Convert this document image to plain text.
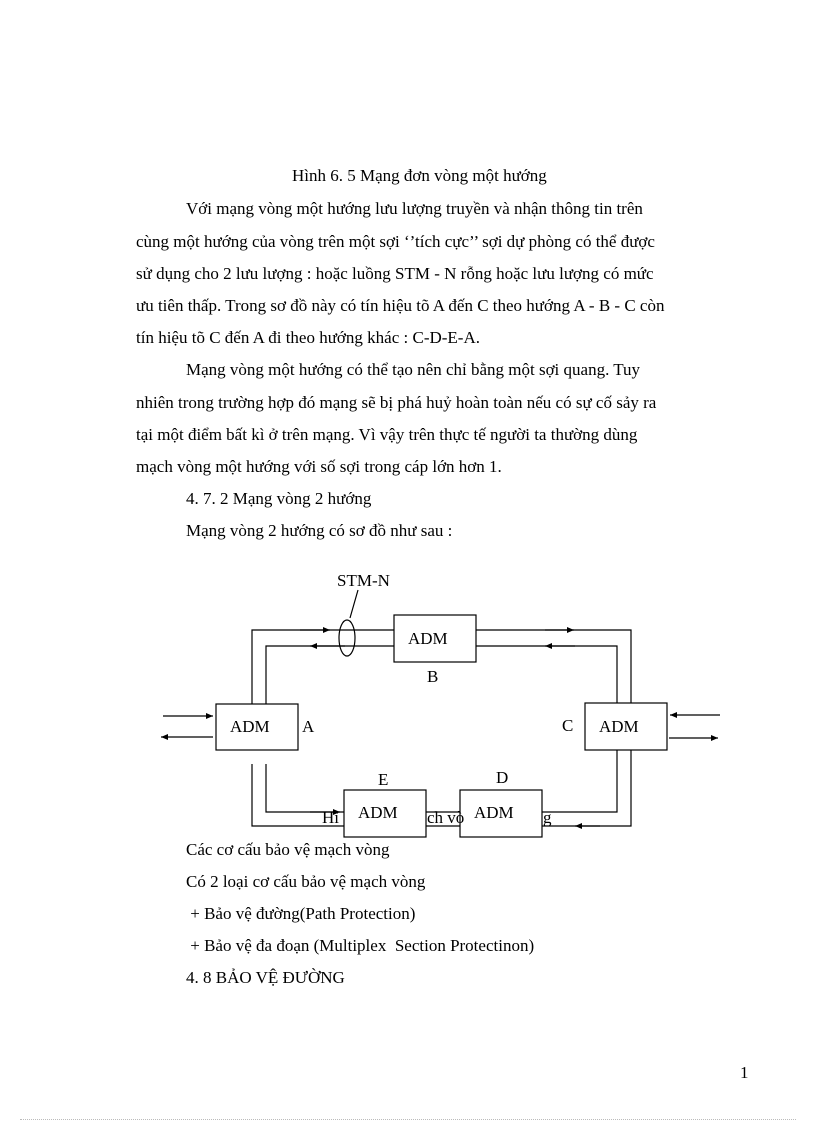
Hình 6. 5 Mạng đơn vòng một hướng
Với mạng vòng một hướng lưu lượng truyền và nhận thông tin trên
cùng một hướng của vòng trên một sợi ‘’tích cực’’ sợi dự phòng có thể được
sử dụng cho 2 lưu lượng : hoặc luồng STM - N rỗng hoặc lưu lượng có mức
ưu tiên thấp. Trong sơ đồ này có tín hiệu tõ A đến C theo hướng A - B - C còn
tín hiệu tõ C đến A đi theo hướng khác : C-D-E-A.
Mạng vòng một hướng có thể tạo nên chỉ bằng một sợi quang. Tuy
nhiên trong trường hợp đó mạng sẽ bị phá huỷ hoàn toàn nếu có sự cố sảy ra
tại một điểm bất kì ở trên mạng. Vì vậy trên thực tế người ta thường dùng
mạch vòng một hướng với số sợi trong cáp lớn hơn 1.
4. 7. 2 Mạng vòng 2 hướng
Mạng vòng 2 hướng có sơ đồ như sau :
STM-N
ADM
B
ADM A	ADM
C
ADM
E
ADM
D
Hì	ch vò	g
Các cơ cấu bảo vệ mạch vòng
Có 2 loại cơ cấu bảo vệ mạch vòng
+ Bảo vệ đường(Path Protection)
+ Bảo vệ đa đoạn (Multiplex  Section Protectinon)
4. 8 BẢO VỆ ĐƯỜNG
1
